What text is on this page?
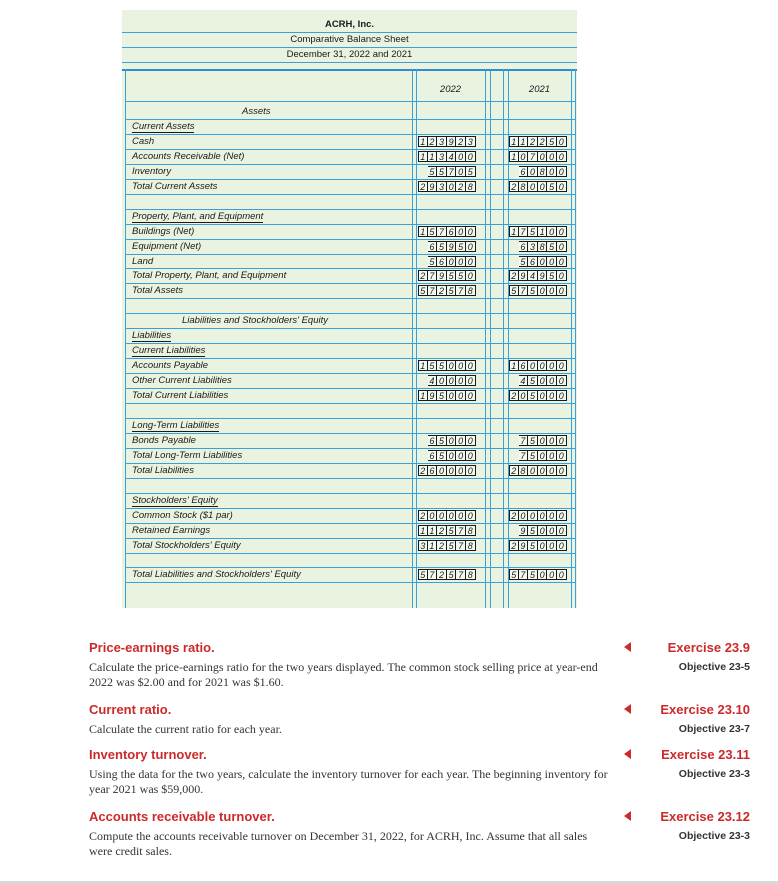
ACRH, Inc.
Comparative Balance Sheet
December 31, 2022 and 2021
2022	2021
Assets
Current Assets
Cash	1 2 3 9 2 3	1 1 2 2 5 0
Accounts Receivable (Net)	1 1 3 4 0 0	1 0 7 0 0 0
Inventory	5 5 7 0 5	6 0 8 0 0
Total Current Assets	2 9 3 0 2 8	2 8 0 0 5 0
Property, Plant, and Equipment
Buildings (Net)	1 5 7 6 0 0	1 7 5 1 0 0
Equipment (Net)	6 5 9 5 0	6 3 8 5 0
Land	5 6 0 0 0	5 6 0 0 0
Total Property, Plant, and Equipment	2 7 9 5 5 0	2 9 4 9 5 0
Total Assets	5 7 2 5 7 8	5 7 5 0 0 0
Liabilities and Stockholders' Equity
Liabilities
Current Liabilities
Accounts Payable	1 5 5 0 0 0	1 6 0 0 0 0
Other Current Liabilities	4 0 0 0 0	4 5 0 0 0
Total Current Liabilities	1 9 5 0 0 0	2 0 5 0 0 0
Long-Term Liabilities
Bonds Payable	6 5 0 0 0	7 5 0 0 0
Total Long-Term Liabilities	6 5 0 0 0	7 5 0 0 0
Total Liabilities	2 6 0 0 0 0	2 8 0 0 0 0
Stockholders' Equity
Common Stock ($1 par)	2 0 0 0 0 0	2 0 0 0 0 0
Retained Earnings	1 1 2 5 7 8	9 5 0 0 0
Total Stockholders' Equity	3 1 2 5 7 8	2 9 5 0 0 0
Total Liabilities and Stockholders' Equity	5 7 2 5 7 8	5 7 5 0 0 0
Price-earnings ratio.
Calculate the price-earnings ratio for the two years displayed. The common stock selling price at year-end 2022 was $2.00 and for 2021 was $1.60.
Exercise 23.9
Objective 23-5
Current ratio.
Calculate the current ratio for each year.
Exercise 23.10
Objective 23-7
Inventory turnover.
Using the data for the two years, calculate the inventory turnover for each year. The beginning inventory for year 2021 was $59,000.
Exercise 23.11
Objective 23-3
Accounts receivable turnover.
Compute the accounts receivable turnover on December 31, 2022, for ACRH, Inc. Assume that all sales were credit sales.
Exercise 23.12
Objective 23-3
